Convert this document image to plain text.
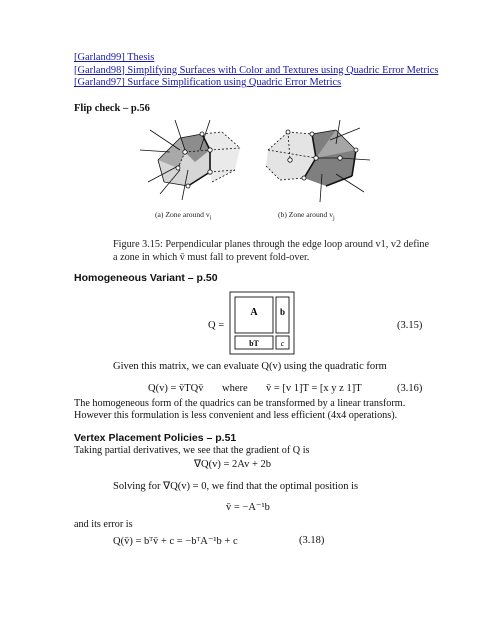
[Garland99] Thesis
[Garland98] Simplifying Surfaces with Color and Textures using Quadric Error Metrics
[Garland97] Surface Simplification using Quadric Error Metrics
Flip check – p.56
(a) Zone around $v_i$	(b) Zone around $v_j$
Figure 3.15: Perpendicular planes through the edge loop around v1, v2 define
a zone in which v̄ must fall to prevent fold-over.
Homogeneous Variant – p.50
Q =
A b
bT	c
(3.15)
Given this matrix, we can evaluate Q(v) using the quadratic form
Q(v) = v̄TQv̄ where v̄ = [v 1]T = [x y z 1]T	(3.16)
The homogeneous form of the quadrics can be transformed by a linear transform.
However this formulation is less convenient and less efficient (4x4 operations).
Vertex Placement Policies – p.51
Taking partial derivatives, we see that the gradient of Q is
∇Q(v) = 2Av + 2b
Solving for ∇Q(v) = 0, we find that the optimal position is
v̄ = −A⁻¹b
and its error is
Q(v̄) = bᵀv̄ + c = −bᵀA⁻¹b + c	(3.18)
